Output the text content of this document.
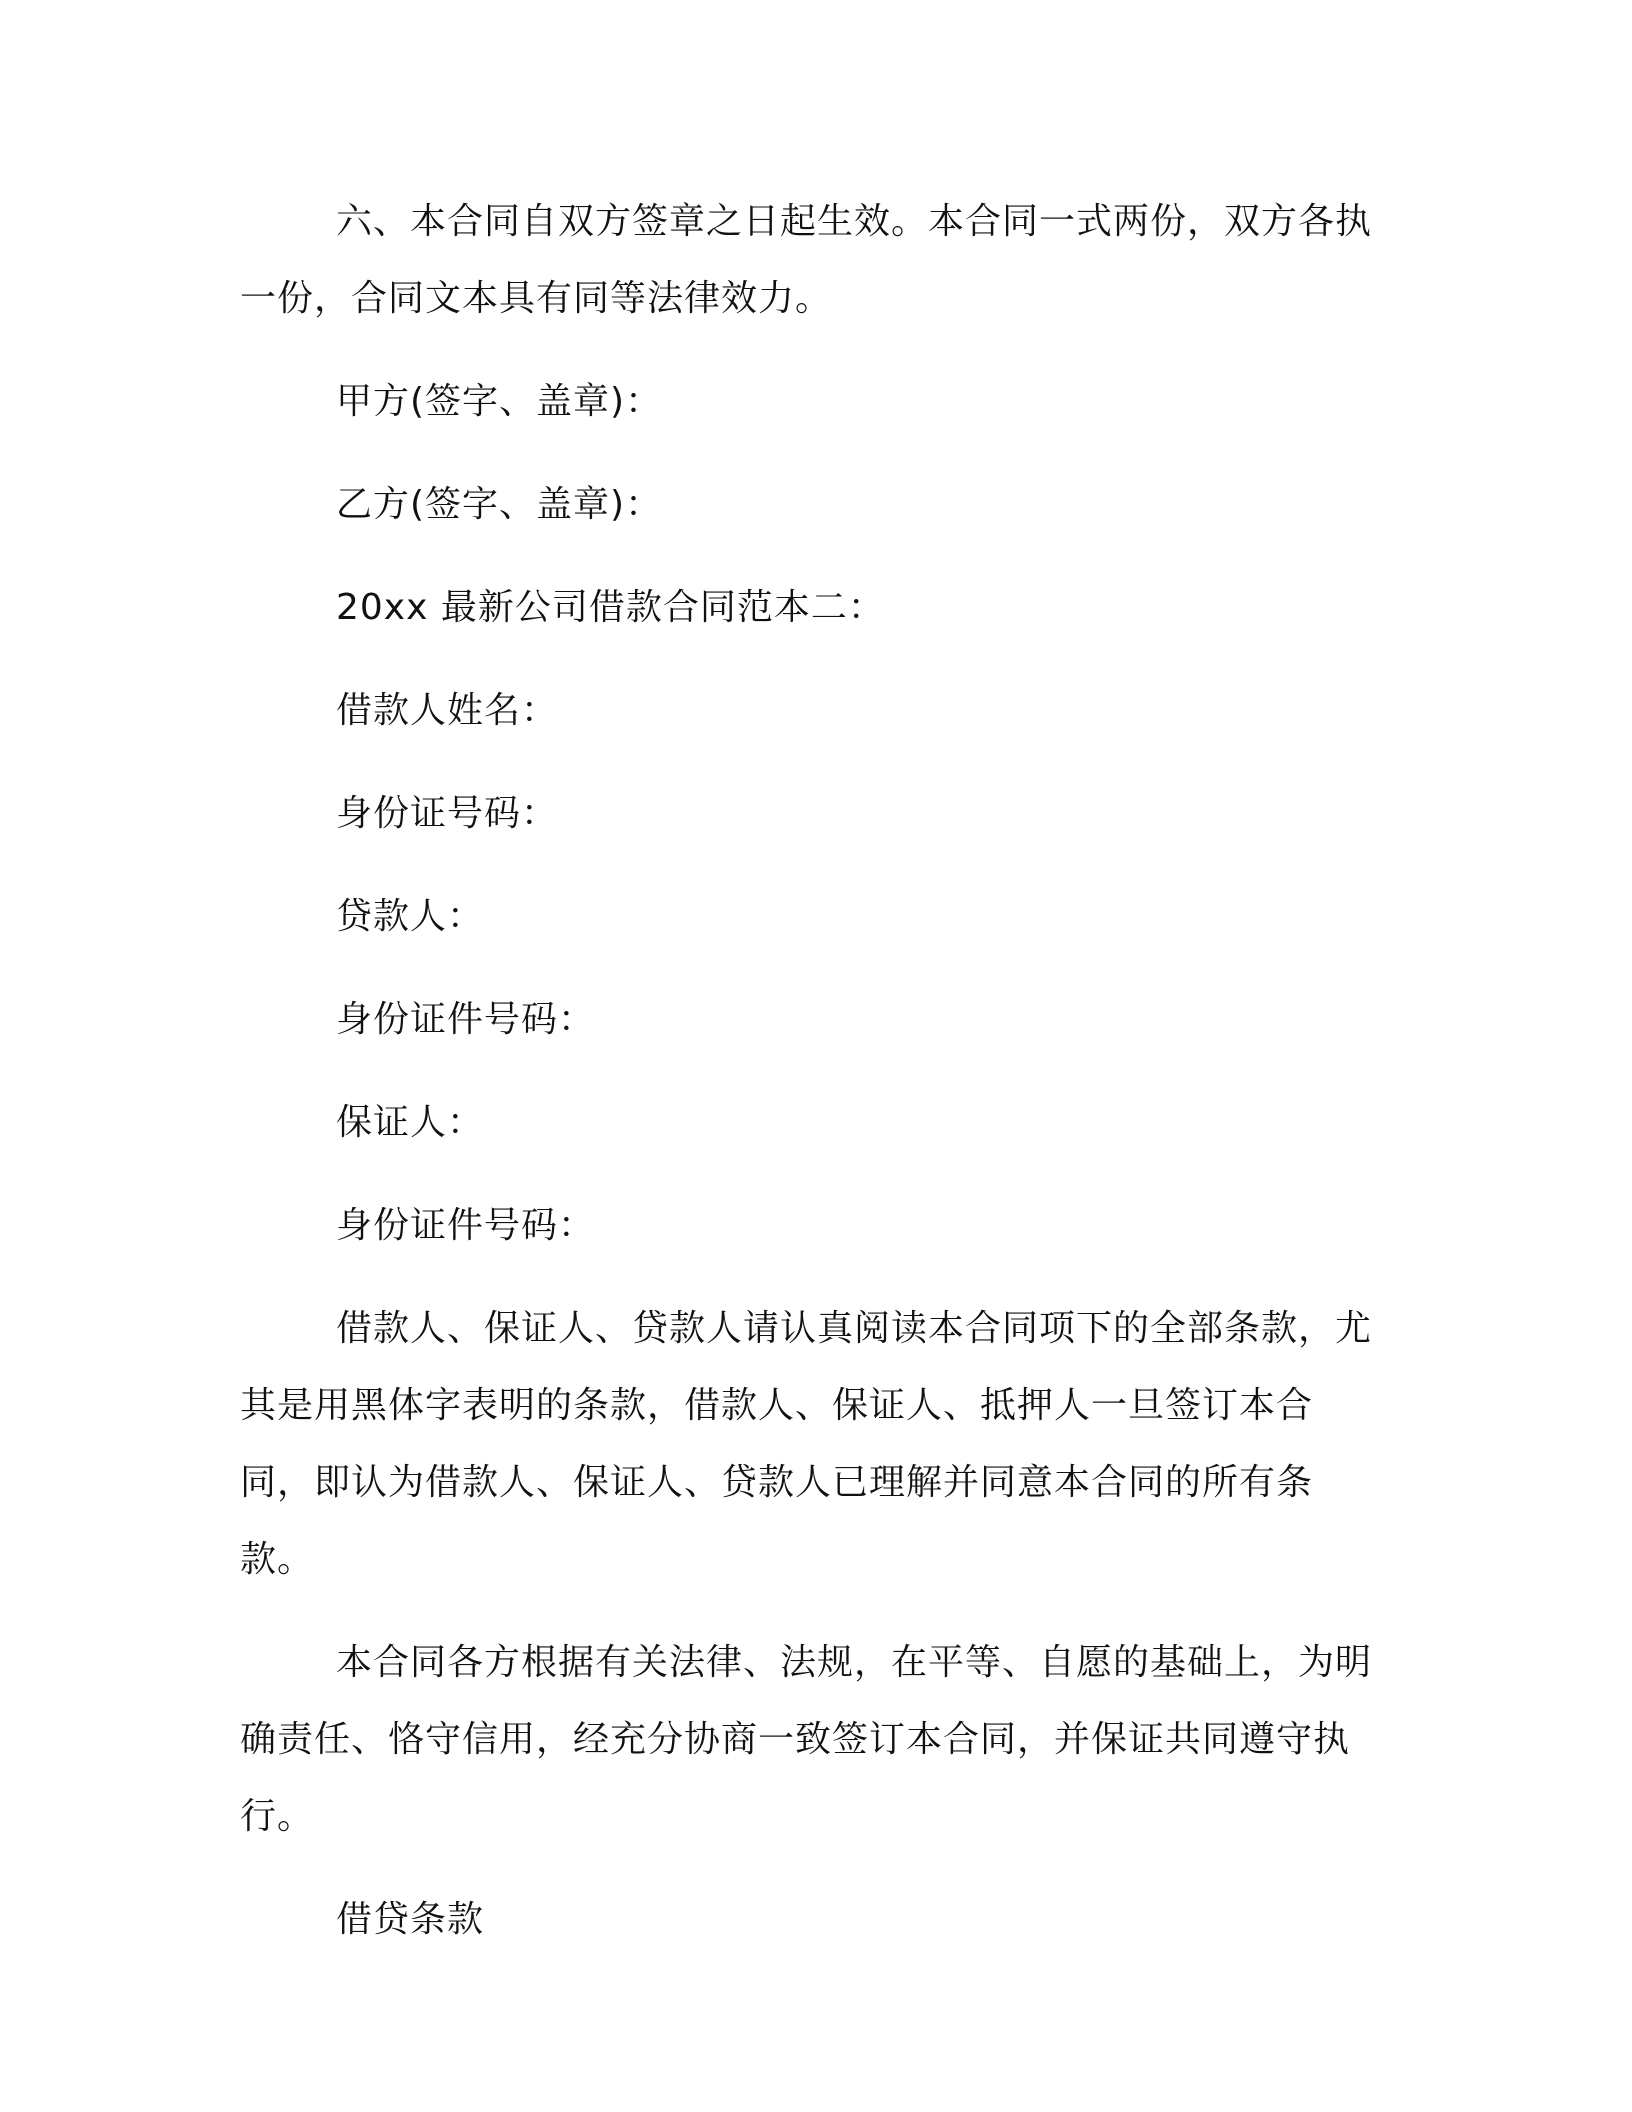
六、本合同自双方签章之日起生效。本合同一式两份，双方各执一份，合同文本具有同等法律效力。

甲方(签字、盖章)：

乙方(签字、盖章)：

20xx 最新公司借款合同范本二：

借款人姓名：

身份证号码：

贷款人：

身份证件号码：

保证人：

身份证件号码：

借款人、保证人、贷款人请认真阅读本合同项下的全部条款，尤其是用黑体字表明的条款，借款人、保证人、抵押人一旦签订本合同，即认为借款人、保证人、贷款人已理解并同意本合同的所有条款。

本合同各方根据有关法律、法规，在平等、自愿的基础上，为明确责任、恪守信用，经充分协商一致签订本合同，并保证共同遵守执行。

借贷条款
